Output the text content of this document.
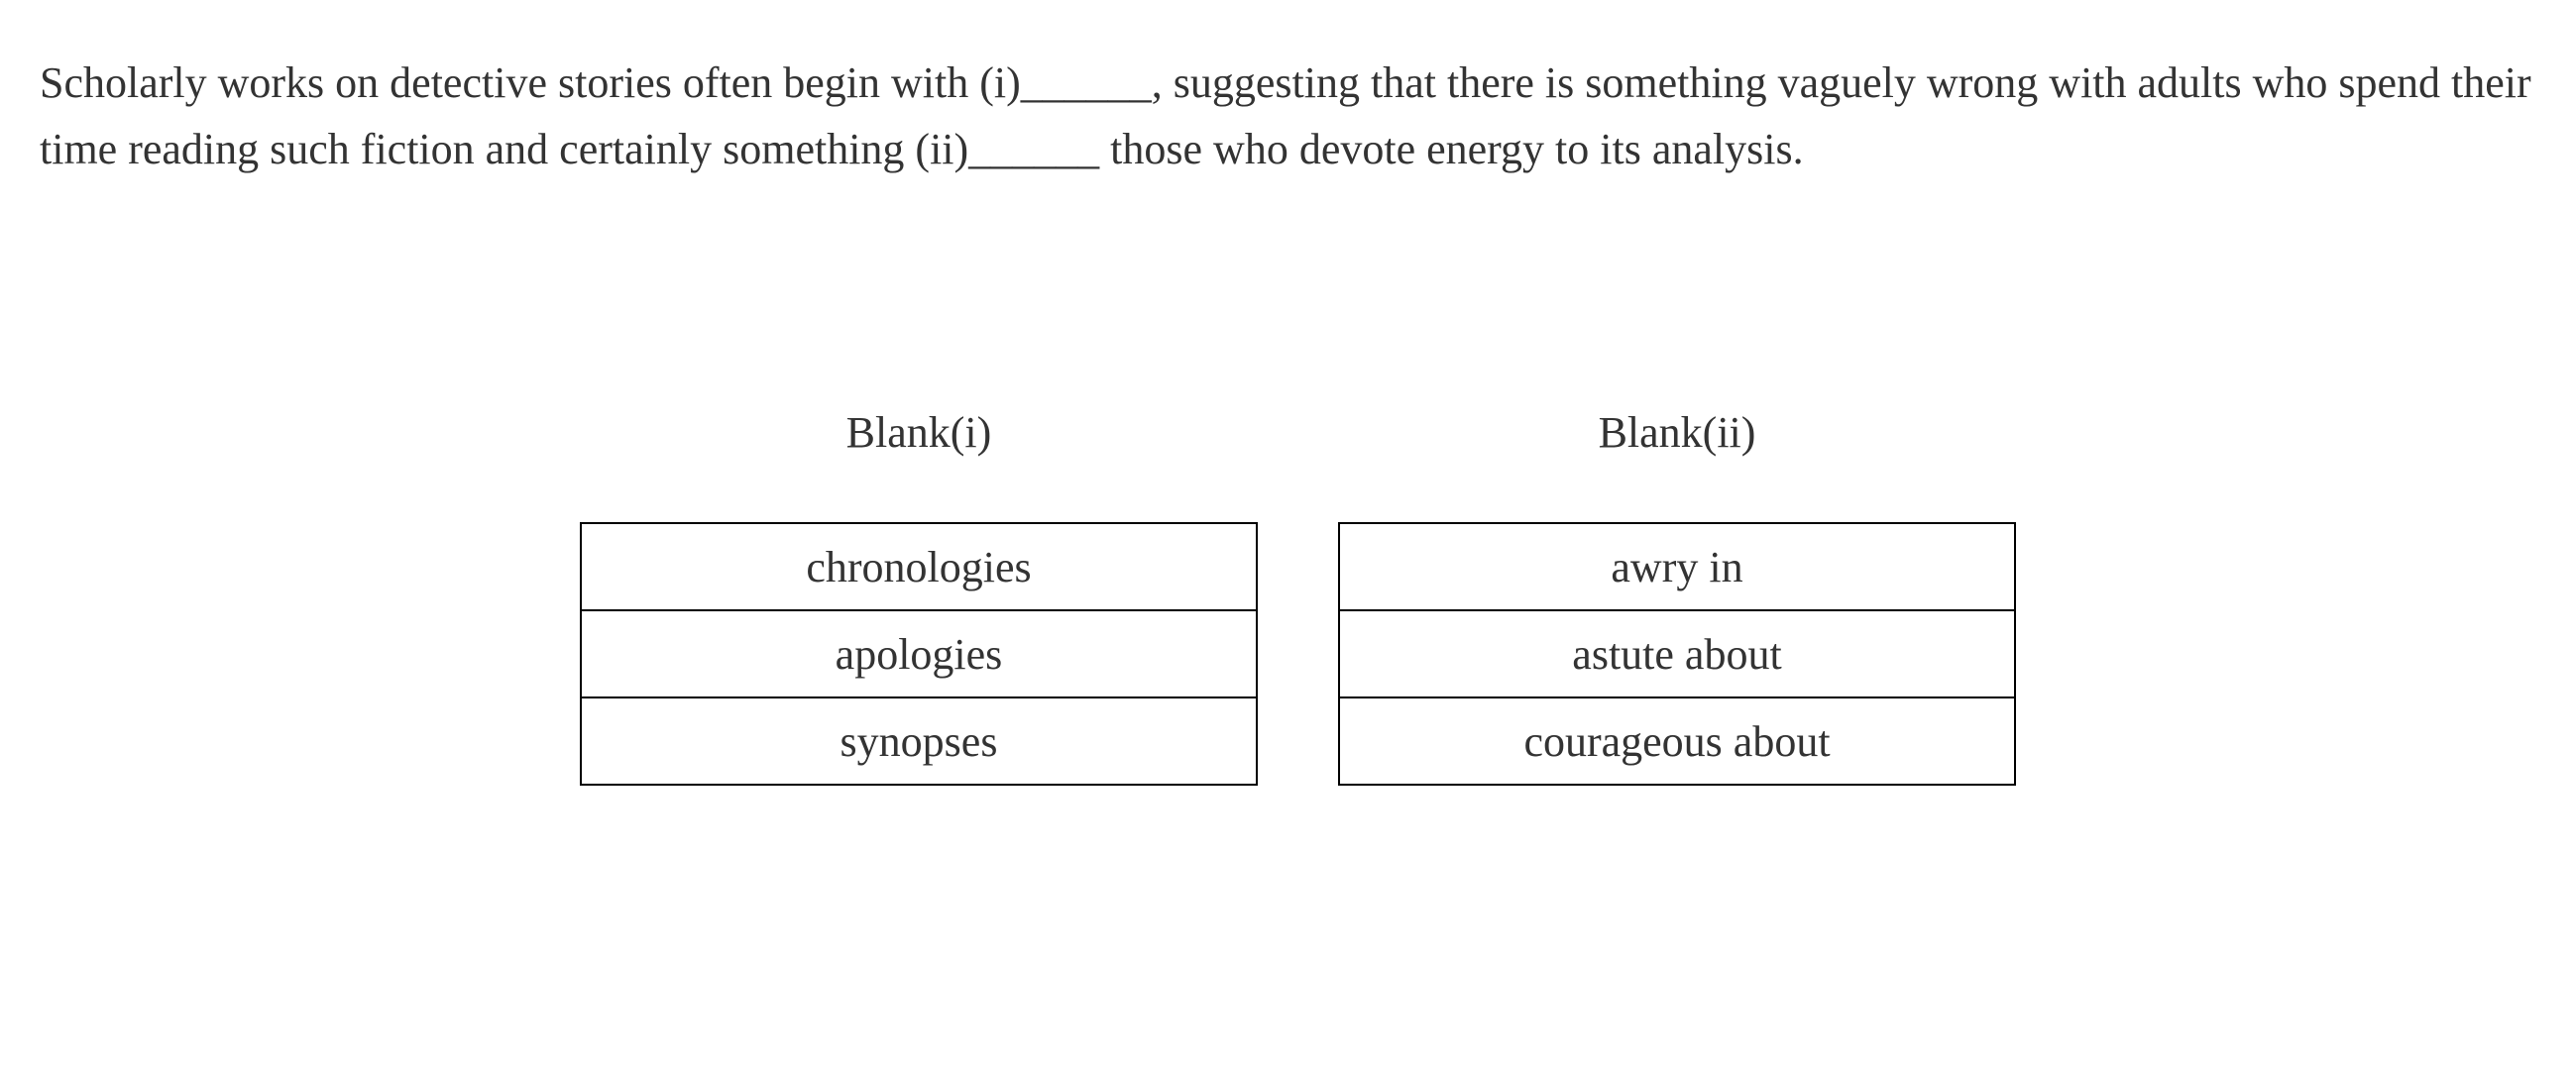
Scholarly works on detective stories often begin with (i)______, suggesting that there is something vaguely wrong with adults who spend their time reading such fiction and certainly something (ii)______ those who devote energy to its analysis.

Blank(i)
chronologies
apologies
synopses
Blank(ii)
awry in
astute about
courageous about
